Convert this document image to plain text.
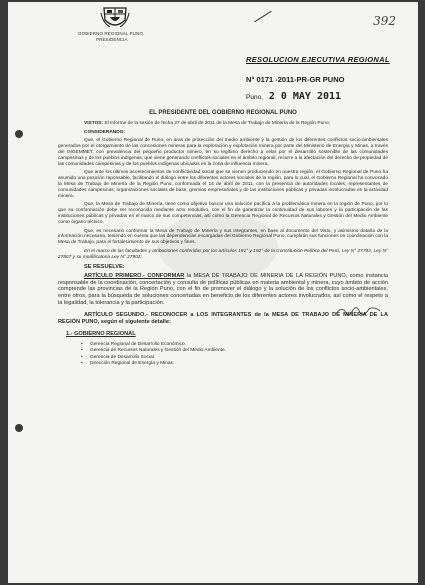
GOBIERNO REGIONAL PUNO
PRESIDENCIA
392
RESOLUCION EJECUTIVA REGIONAL
N° 0171 -2011-PR-GR PUNO
Puno, 2 0 MAY 2011
EL PRESIDENTE DEL GOBIERNO REGIONAL PUNO

VISTOS: El Informe de la sesión de fecha 27 de abril de 2011 de la Mesa de Trabajo de Minería de la Región Puno;

CONSIDERANDO:

Que, el Gobierno Regional de Puno, en aras de protección del medio ambiente y la gestión de los diferentes conflictos socio-ambientales generados por el otorgamiento de las concesiones mineras para la exploración y explotación minera por parte del Ministerio de Energía y Minas, a través del INGEMMET, con prevalencia del pequeño productor minero, en su legítimo derecho a velar por el desarrollo sostenible de las comunidades campesinas y de los pueblos indígenas, que viene generando conflictos sociales en el ámbito regional, recurre a la afectación del derecho de propiedad de las comunidades campesinas y de los pueblos indígenas ubicados en la zona de influencia minera.

Que ante los últimos acontecimientos de conflictividad social que se vienen produciendo en nuestra región, el Gobierno Regional de Puno ha asumido una posición reponsable, facilitando el diálogo entre los diferentes actores sociales de la región, para lo cual, el Gobierno Regional ha convocado la Mesa de Trabajo de Minería de la Región Puno, conformada el 14 de abril de 2011, con la presencia de autoridades locales, representantes de comunidades campesinas, organizaciones sociales de base, gremios empresariales y de las instituciones públicas y privadas involucradas en la actividad minera.

Que, la Mesa de Trabajo de Minería, tiene como objetivo buscar una solución pacífica a la problemática minera en la región de Puno, por lo que su conformación debe ser reconocida mediante acto resolutivo, con el fin de garantizar la continuidad de sus labores y la participación de las instituciones públicas y privadas en el marco de sus competencias, así como la Gerencia Regional de Recursos Naturales y Gestión del Medio Ambiente como órgano técnico.

Que, es necesario conformar la Mesa de Trabajo de Minería y sus integrantes, en base al documento del Visto, y asimismo dotarla de la información necesaria, teniendo en cuenta que las dependencias encargadas del Gobierno Regional Puno, cumplirán sus funciones en coordinación con la Mesa de Trabajo, para el fortalecimiento de sus objetivos y fines.

En el marco de las facultades y atribuciones conferidas por los artículos 191° y 192° de la Constitución Política del Perú, Ley N° 27783, Ley N° 27867 y su modificatoria Ley N° 27902;

SE RESUELVE:

ARTÍCULO PRIMERO.- CONFORMAR la MESA DE TRABAJO DE MINERIA DE LA REGIÓN PUNO, como instancia responsable de la coordinación, concertación y consulta de políticas públicas en materia ambiental y minera, cuyo ámbito de acción comprende las provincias de la Región Puno, con el fin de promover el diálogo y la solución de los conflictos socio-ambientales, entre otros, para la búsqueda de soluciones concertadas en beneficio de los diferentes actores involucrados, así como el respeto a la legalidad, la tolerancia y la participación.

ARTÍCULO SEGUNDO.- RECONOCER a LOS INTEGRANTES de la MESA DE TRABAJO DE MINERIA DE LA REGIÓN PUNO, según el siguiente detalle:

1.- GOBIERNO REGIONAL

• Gerencia Regional de Desarrollo Económico.
• Gerencia de Recursos Naturales y Gestión del Medio Ambiente.
• Gerencia de Desarrollo Social.
• Dirección Regional de Energía y Minas.
